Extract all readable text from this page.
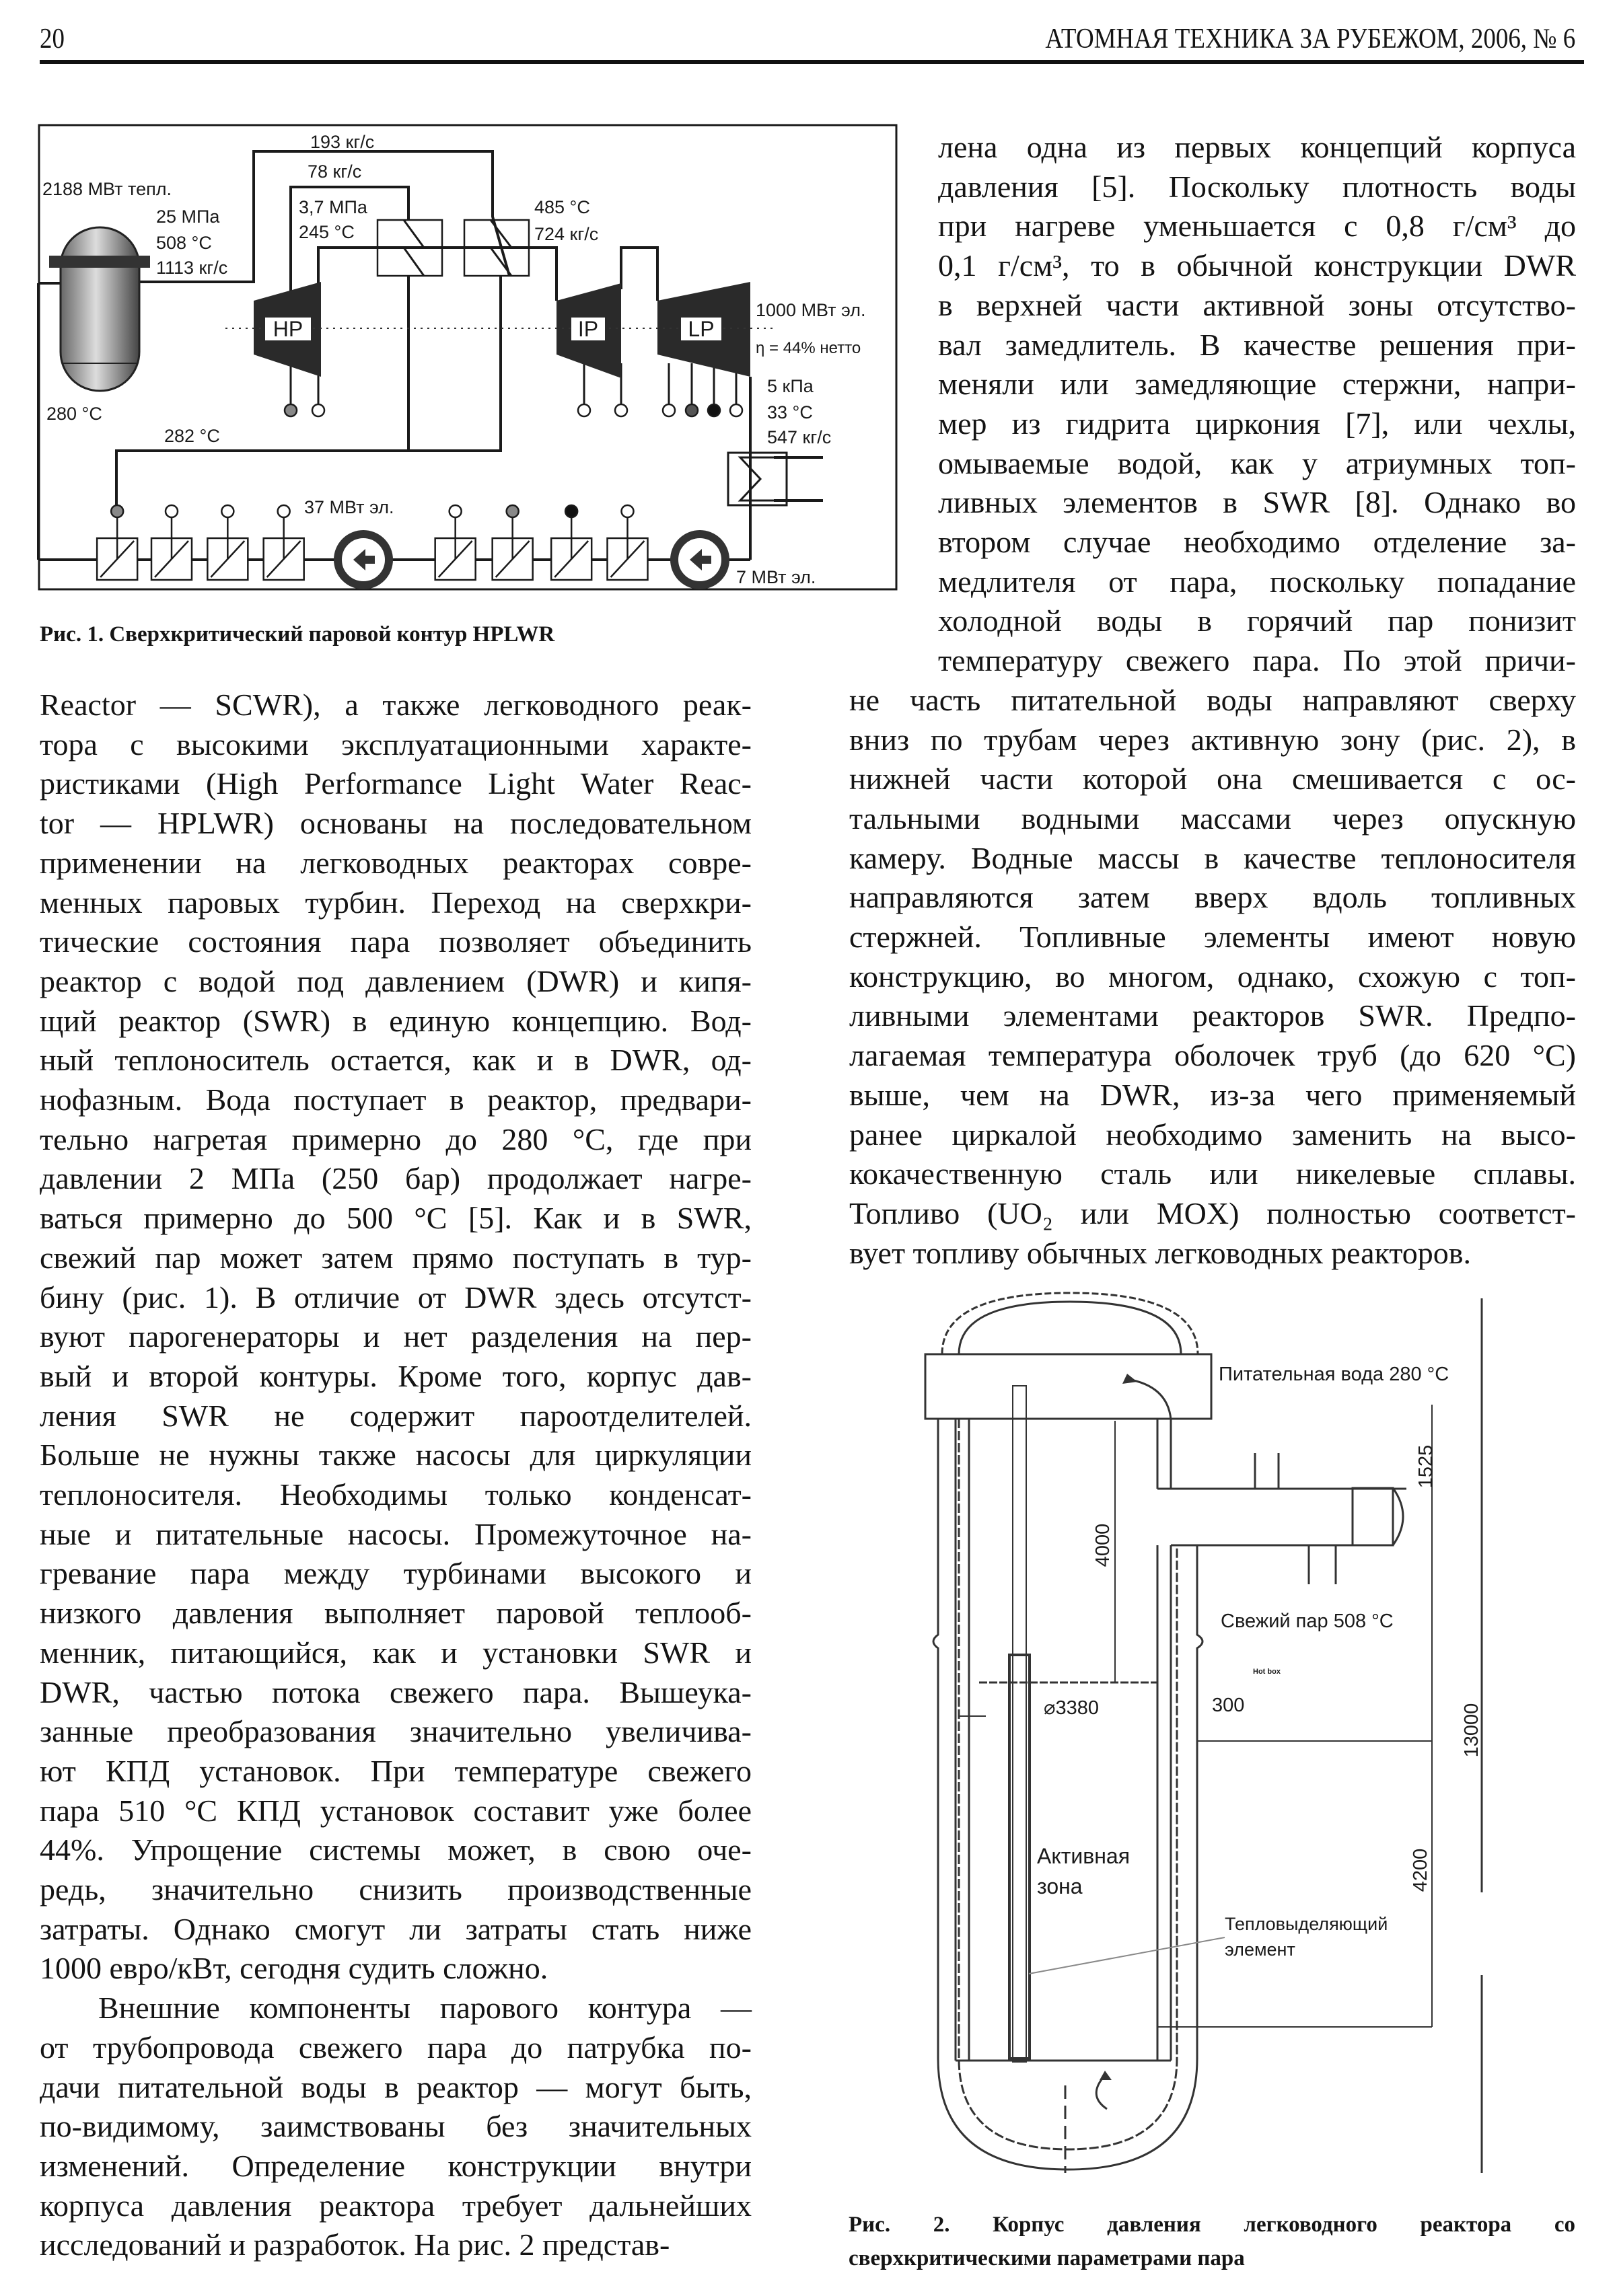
20	АТОМНАЯ ТЕХНИКА ЗА РУБЕЖОМ, 2006, № 6
Reactor — SCWR), а также легководного реак-
тора с высокими эксплуатационными характе-
ристиками (High Performance Light Water Reac-
tor — HPLWR) основаны на последовательном
применении на легководных реакторах совре-
менных паровых турбин. Переход на сверхкри-
тические состояния пара позволяет объединить
реактор с водой под давлением (DWR) и кипя-
щий реактор (SWR) в единую концепцию. Вод-
ный теплоноситель остается, как и в DWR, од-
нофазным. Вода поступает в реактор, предвари-
тельно нагретая примерно до 280 °С, где при
давлении 2 МПа (250 бар) продолжает нагре-
ваться примерно до 500 °С [5]. Как и в SWR,
свежий пар может затем прямо поступать в тур-
бину (рис. 1). В отличие от DWR здесь отсутст-
вуют парогенераторы и нет разделения на пер-
вый и второй контуры. Кроме того, корпус дав-
ления SWR не содержит пароотделителей.
Больше не нужны также насосы для циркуляции
теплоносителя. Необходимы только конденсат-
ные и питательные насосы. Промежуточное на-
гревание пара между турбинами высокого и
низкого давления выполняет паровой теплооб-
менник, питающийся, как и установки SWR и
DWR, частью потока свежего пара. Вышеука-
занные преобразования значительно увеличива-
ют КПД установок. При температуре свежего
пара 510 °С КПД установок составит уже более
44%. Упрощение системы может, в свою оче-
редь, значительно снизить производственные
затраты. Однако смогут ли затраты стать ниже
1000 евро/кВт, сегодня судить сложно.
Внешние компоненты парового контура —
от трубопровода свежего пара до патрубка по-
дачи питательной воды в реактор — могут быть,
по-видимому, заимствованы без значительных
изменений. Определение конструкции внутри
корпуса давления реактора требует дальнейших
исследований и разработок. На рис. 2 представ-
лена одна из первых концепций корпуса
давления [5]. Поскольку плотность воды
при нагреве уменьшается с 0,8 г/см³ до
0,1 г/см³, то в обычной конструкции DWR
в верхней части активной зоны отсутство-
вал замедлитель. В качестве решения при-
меняли или замедляющие стержни, напри-
мер из гидрита циркония [7], или чехлы,
омываемые водой, как у атриумных топ-
ливных элементов в SWR [8]. Однако во
втором случае необходимо отделение за-
медлителя от пара, поскольку попадание
холодной воды в горячий пар понизит
температуру свежего пара. По этой причи-
не часть питательной воды направляют сверху
вниз по трубам через активную зону (рис. 2), в
нижней части которой она смешивается с ос-
тальными водными массами через опускную
камеру. Водные массы в качестве теплоносителя
направляются затем вверх вдоль топливных
стержней. Топливные элементы имеют новую
конструкцию, во многом, однако, схожую с топ-
ливными элементами реакторов SWR. Предпо-
лагаемая температура оболочек труб (до 620 °С)
выше, чем на DWR, из-за чего применяемый
ранее циркалой необходимо заменить на высо-
кокачественную сталь или никелевые сплавы.
Топливо (UO₂ или MOX) полностью соответст-
вует топливу обычных легководных реакторов.
HP	IP	LP
2188 МВт тепл.
25 МПа
508 °C
1113 кг/с
280 °C
282 °C
193 кг/с
78 кг/с
3,7 МПа
245 °C
485 °C
724 кг/с
1000 МВт эл.
η = 44% нетто
5 кПа
33 °C
547 кг/с
37 МВт эл.
7 МВт эл.
Рис. 1. Сверхкритический паровой контур HPLWR
Питательная вода 280 °C
Свежий пар 508 °C
Hot box
⌀3380	300
4000
1525
13000
4200
Активная
зона
Тепловыделяющий
элемент
Рис. 2. Корпус давления легководного реактора со
сверхкритическими параметрами пара
